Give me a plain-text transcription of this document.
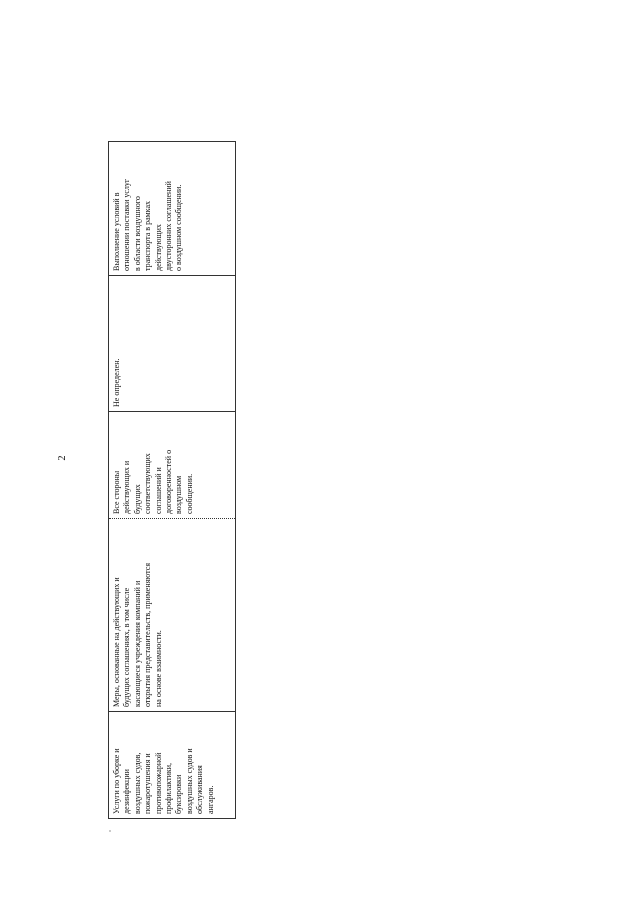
2
Услуги по уборке и
дезинфекции
воздушных судов,
пожаротушения и
противопожарной
профилактики,
буксировки
воздушных судов и
обслуживания
ангаров.
Меры, основанные на действующих и
будущих соглашениях, в том числе
касающиеся учреждения компаний и
открытия представительств, применяются
на основе взаимности.
Все стороны
действующих и
будущих
соответствующих
соглашений и
договоренностей о
воздушном
сообщении.
Не определен.
Выполнение условий в
отношении поставки услуг
в области воздушного
транспорта в рамках
действующих
двусторонних соглашений
о воздушном сообщении.
